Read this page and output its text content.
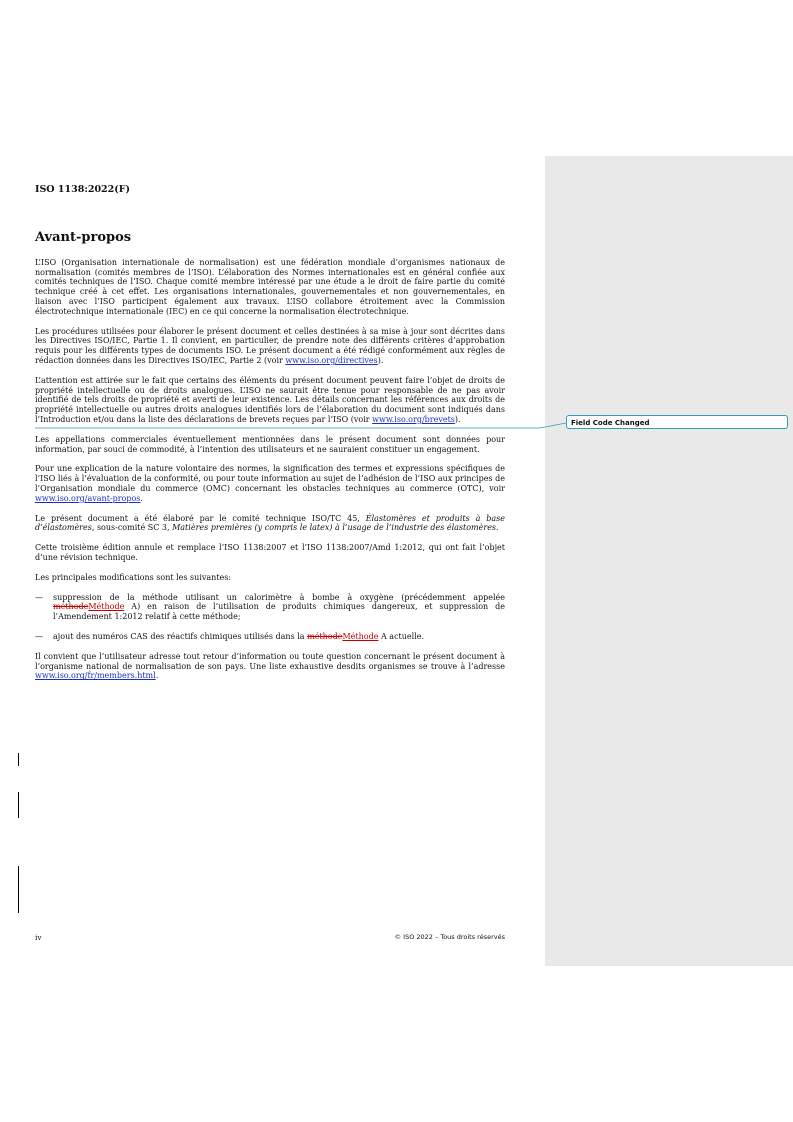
Field Code Changed
ISO 1138:2022(F)
Avant-propos

L’ISO (Organisation internationale de normalisation) est une fédération mondiale d’organismes nationaux de normalisation (comités membres de l’ISO). L’élaboration des Normes internationales est en général confiée aux comités techniques de l’ISO. Chaque comité membre intéressé par une étude a le droit de faire partie du comité technique créé à cet effet. Les organisations internationales, gouvernementales et non gouvernementales, en liaison avec l’ISO participent également aux travaux. L’ISO collabore étroitement avec la Commission électrotechnique internationale (IEC) en ce qui concerne la normalisation électrotechnique.

Les procédures utilisées pour élaborer le présent document et celles destinées à sa mise à jour sont décrites dans les Directives ISO/IEC, Partie 1. Il convient, en particulier, de prendre note des différents critères d’approbation requis pour les différents types de documents ISO. Le présent document a été rédigé conformément aux règles de rédaction données dans les Directives ISO/IEC, Partie 2 (voir www.iso.org/directives).

L’attention est attirée sur le fait que certains des éléments du présent document peuvent faire l’objet de droits de propriété intellectuelle ou de droits analogues. L’ISO ne saurait être tenue pour responsable de ne pas avoir identifié de tels droits de propriété et averti de leur existence. Les détails concernant les références aux droits de propriété intellectuelle ou autres droits analogues identifiés lors de l’élaboration du document sont indiqués dans l’Introduction et/ou dans la liste des déclarations de brevets reçues par l’ISO (voir www.iso.org/brevets).

Les appellations commerciales éventuellement mentionnées dans le présent document sont données pour information, par souci de commodité, à l’intention des utilisateurs et ne sauraient constituer un engagement.

Pour une explication de la nature volontaire des normes, la signification des termes et expressions spécifiques de l’ISO liés à l’évaluation de la conformité, ou pour toute information au sujet de l’adhésion de l’ISO aux principes de l’Organisation mondiale du commerce (OMC) concernant les obstacles techniques au commerce (OTC), voir www.iso.org/avant-propos.

Le présent document a été élaboré par le comité technique ISO/TC 45, Élastomères et produits à base d’élastomères, sous-comité SC 3, Matières premières (y compris le latex) à l’usage de l’industrie des élastomères.

Cette troisième édition annule et remplace l’ISO 1138:2007 et l’ISO 1138:2007/Amd 1:2012, qui ont fait l’objet d’une révision technique.

Les principales modifications sont les suivantes:

—	suppression de la méthode utilisant un calorimètre à bombe à oxygène (précédemment appelée méthodeMéthode A) en raison de l’utilisation de produits chimiques dangereux, et suppression de l’Amendement 1:2012 relatif à cette méthode;
—	ajout des numéros CAS des réactifs chimiques utilisés dans la méthodeMéthode A actuelle.

Il convient que l’utilisateur adresse tout retour d’information ou toute question concernant le présent document à l’organisme national de normalisation de son pays. Une liste exhaustive desdits organismes se trouve à l’adresse www.iso.org/fr/members.html.

iv	© ISO 2022 – Tous droits réservés
